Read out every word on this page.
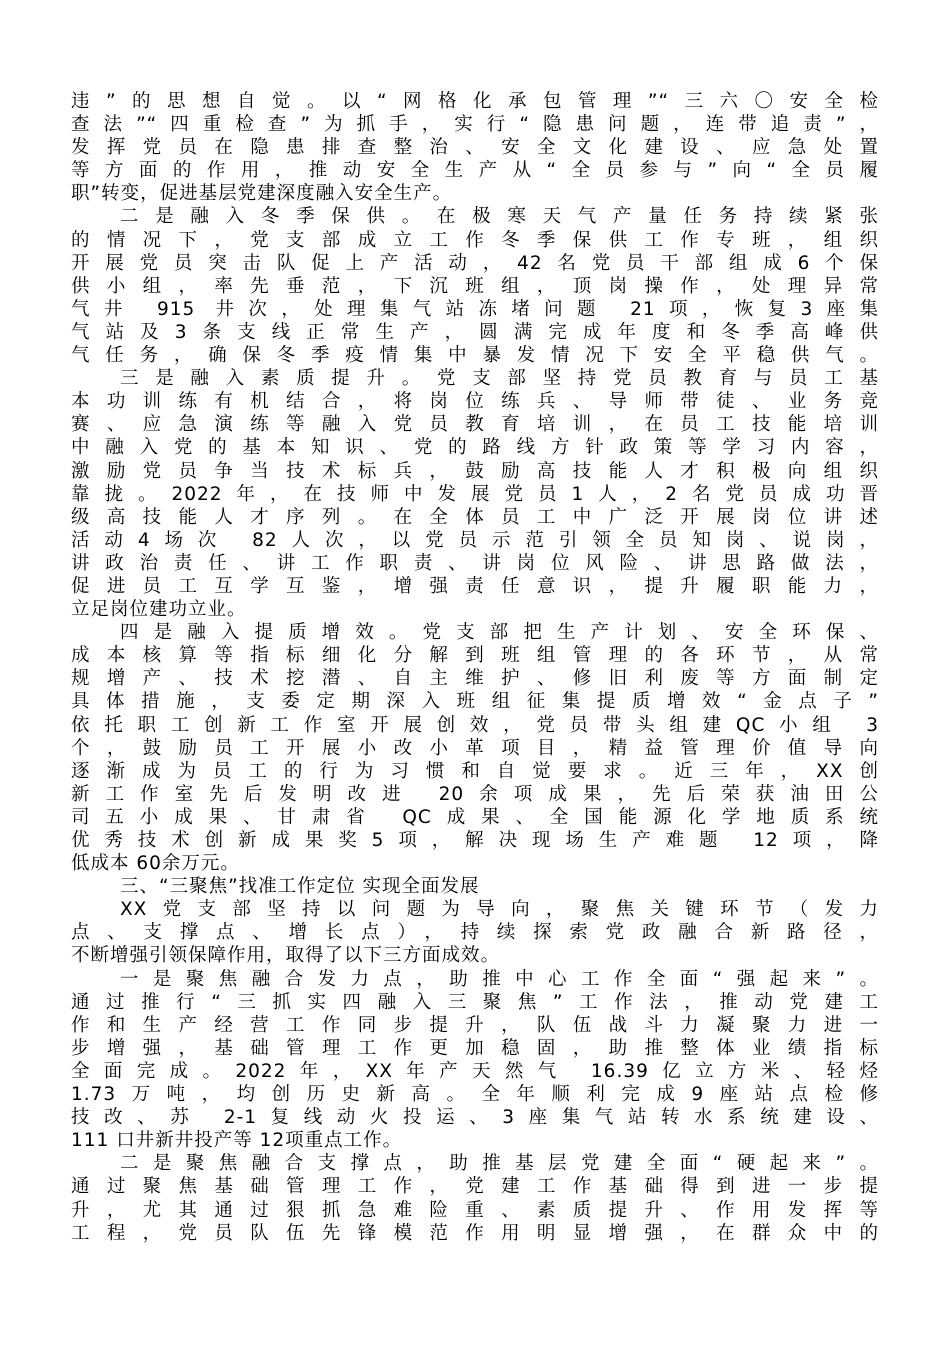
违”的思想自觉。以“网格化承包管理”“三六〇安全检
查法”“四重检查”为抓手，实行“隐患问题，连带追责”，
发挥党员在隐患排查整治、安全文化建设、应急处置
等方面的作用，推动安全生产从“全员参与”向“全员履
职”转变，促进基层党建深度融入安全生产。
二是融入冬季保供。在极寒天气产量任务持续紧张
的情况下，党支部成立工作冬季保供工作专班，组织
开展党员突击队促上产活动，42名党员干部组成6个保
供小组，率先垂范，下沉班组，顶岗操作，处理异常
气井 915 井次，处理集气站冻堵问题 21项，恢复3座集
气站及3条支线正常生产，圆满完成年度和冬季高峰供
气任务，确保冬季疫情集中暴发情况下安全平稳供气。
三是融入素质提升。党支部坚持党员教育与员工基
本功训练有机结合，将岗位练兵、导师带徒、业务竞
赛、应急演练等融入党员教育培训，在员工技能培训
中融入党的基本知识、党的路线方针政策等学习内容，
激励党员争当技术标兵，鼓励高技能人才积极向组织
靠拢。2022年，在技师中发展党员1人，2名党员成功晋
级高技能人才序列。在全体员工中广泛开展岗位讲述
活动4场次 82人次，以党员示范引领全员知岗、说岗，
讲政治责任、讲工作职责、讲岗位风险、讲思路做法，
促进员工互学互鉴，增强责任意识，提升履职能力，
立足岗位建功立业。
四是融入提质增效。党支部把生产计划、安全环保、
成本核算等指标细化分解到班组管理的各环节，从常
规增产、技术挖潜、自主维护、修旧利废等方面制定
具体措施，支委定期深入班组征集提质增效“金点子”
依托职工创新工作室开展创效，党员带头组建QC小组 3
个，鼓励员工开展小改小革项目，精益管理价值导向
逐渐成为员工的行为习惯和自觉要求。近三年，XX创
新工作室先后发明改进 20余项成果，先后荣获油田公
司五小成果、甘肃省 QC成果、全国能源化学地质系统
优秀技术创新成果奖5项，解决现场生产难题 12项，降
低成本 60余万元。
三、“三聚焦”找准工作定位 实现全面发展
XX党支部坚持以问题为导向，聚焦关键环节（发力
点、支撑点、增长点），持续探索党政融合新路径，
不断增强引领保障作用，取得了以下三方面成效。
一是聚焦融合发力点，助推中心工作全面“强起来”。
通过推行“三抓实四融入三聚焦”工作法，推动党建工
作和生产经营工作同步提升，队伍战斗力凝聚力进一
步增强，基础管理工作更加稳固，助推整体业绩指标
全面完成。2022年，XX年产天然气 16.39亿立方米、轻烃
1.73万吨，均创历史新高。全年顺利完成9座站点检修
技改、苏 2-1复线动火投运、3座集气站转水系统建设、
111 口井新井投产等 12项重点工作。
二是聚焦融合支撑点，助推基层党建全面“硬起来”。
通过聚焦基础管理工作，党建工作基础得到进一步提
升，尤其通过狠抓急难险重、素质提升、作用发挥等
工程，党员队伍先锋模范作用明显增强，在群众中的
